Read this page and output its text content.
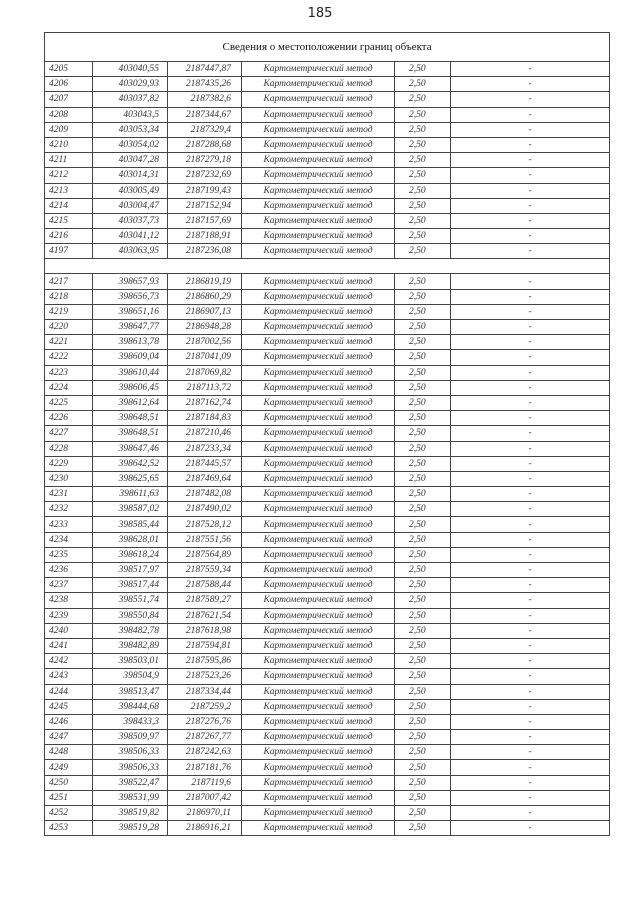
185
Сведения о местоположении границ объекта					
4205	403040,55	2187447,87	Картометрический метод	2,50	-
4206	403029,93	2187435,26	Картометрический метод	2,50	-
4207	403037,82	2187382,6	Картометрический метод	2,50	-
4208	403043,5	2187344,67	Картометрический метод	2,50	-
4209	403053,34	2187329,4	Картометрический метод	2,50	-
4210	403054,02	2187288,68	Картометрический метод	2,50	-
4211	403047,28	2187279,18	Картометрический метод	2,50	-
4212	403014,31	2187232,69	Картометрический метод	2,50	-
4213	403005,49	2187199,43	Картометрический метод	2,50	-
4214	403004,47	2187152,94	Картометрический метод	2,50	-
4215	403037,73	2187157,69	Картометрический метод	2,50	-
4216	403041,12	2187188,91	Картометрический метод	2,50	-
4197	403063,95	2187236,08	Картометрический метод	2,50	-

4217	398657,93	2186819,19	Картометрический метод	2,50	-
4218	398656,73	2186860,29	Картометрический метод	2,50	-
4219	398651,16	2186907,13	Картометрический метод	2,50	-
4220	398647,77	2186948,28	Картометрический метод	2,50	-
4221	398613,78	2187002,56	Картометрический метод	2,50	-
4222	398609,04	2187041,09	Картометрический метод	2,50	-
4223	398610,44	2187069,82	Картометрический метод	2,50	-
4224	398606,45	2187113,72	Картометрический метод	2,50	-
4225	398612,64	2187162,74	Картометрический метод	2,50	-
4226	398648,51	2187184,83	Картометрический метод	2,50	-
4227	398648,51	2187210,46	Картометрический метод	2,50	-
4228	398647,46	2187233,34	Картометрический метод	2,50	-
4229	398642,52	2187445,57	Картометрический метод	2,50	-
4230	398625,65	2187469,64	Картометрический метод	2,50	-
4231	398611,63	2187482,08	Картометрический метод	2,50	-
4232	398587,02	2187490,02	Картометрический метод	2,50	-
4233	398585,44	2187528,12	Картометрический метод	2,50	-
4234	398628,01	2187551,56	Картометрический метод	2,50	-
4235	398618,24	2187564,89	Картометрический метод	2,50	-
4236	398517,97	2187559,34	Картометрический метод	2,50	-
4237	398517,44	2187588,44	Картометрический метод	2,50	-
4238	398551,74	2187589,27	Картометрический метод	2,50	-
4239	398550,84	2187621,54	Картометрический метод	2,50	-
4240	398482,78	2187618,98	Картометрический метод	2,50	-
4241	398482,89	2187594,81	Картометрический метод	2,50	-
4242	398503,01	2187595,86	Картометрический метод	2,50	-
4243	398504,9	2187523,26	Картометрический метод	2,50	-
4244	398513,47	2187334,44	Картометрический метод	2,50	-
4245	398444,68	2187259,2	Картометрический метод	2,50	-
4246	398433,3	2187276,76	Картометрический метод	2,50	-
4247	398509,97	2187267,77	Картометрический метод	2,50	-
4248	398506,33	2187242,63	Картометрический метод	2,50	-
4249	398506,33	2187181,76	Картометрический метод	2,50	-
4250	398522,47	2187119,6	Картометрический метод	2,50	-
4251	398531,99	2187007,42	Картометрический метод	2,50	-
4252	398519,82	2186970,11	Картометрический метод	2,50	-
4253	398519,28	2186916,21	Картометрический метод	2,50	-
